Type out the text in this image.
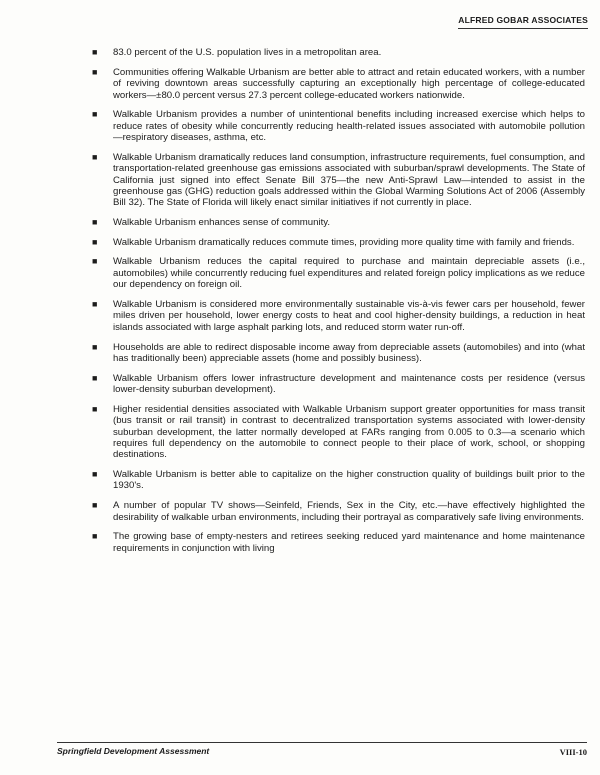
ALFRED GOBAR ASSOCIATES
■ 83.0 percent of the U.S. population lives in a metropolitan area.
■ Communities offering Walkable Urbanism are better able to attract and retain educated workers, with a number of reviving downtown areas successfully capturing an exceptionally high percentage of college-educated workers—±80.0 percent versus 27.3 percent college-educated workers nationwide.
■ Walkable Urbanism provides a number of unintentional benefits including increased exercise which helps to reduce rates of obesity while concurrently reducing health-related issues associated with automobile pollution—respiratory diseases, asthma, etc.
■ Walkable Urbanism dramatically reduces land consumption, infrastructure requirements, fuel consumption, and transportation-related greenhouse gas emissions associated with suburban/sprawl developments. The State of California just signed into effect Senate Bill 375—the new Anti-Sprawl Law—intended to assist in the greenhouse gas (GHG) reduction goals addressed within the Global Warming Solutions Act of 2006 (Assembly Bill 32). The State of Florida will likely enact similar initiatives if not currently in place.
■ Walkable Urbanism enhances sense of community.
■ Walkable Urbanism dramatically reduces commute times, providing more quality time with family and friends.
■ Walkable Urbanism reduces the capital required to purchase and maintain depreciable assets (i.e., automobiles) while concurrently reducing fuel expenditures and related foreign policy implications as we reduce our dependency on foreign oil.
■ Walkable Urbanism is considered more environmentally sustainable vis-à-vis fewer cars per household, fewer miles driven per household, lower energy costs to heat and cool higher-density buildings, a reduction in heat islands associated with large asphalt parking lots, and reduced storm water run-off.
■ Households are able to redirect disposable income away from depreciable assets (automobiles) and into (what has traditionally been) appreciable assets (home and possibly business).
■ Walkable Urbanism offers lower infrastructure development and maintenance costs per residence (versus lower-density suburban development).
■ Higher residential densities associated with Walkable Urbanism support greater opportunities for mass transit (bus transit or rail transit) in contrast to decentralized transportation systems associated with lower-density suburban development, the latter normally developed at FARs ranging from 0.005 to 0.3—a scenario which requires full dependency on the automobile to connect people to their place of work, school, or shopping destinations.
■ Walkable Urbanism is better able to capitalize on the higher construction quality of buildings built prior to the 1930's.
■ A number of popular TV shows—Seinfeld, Friends, Sex in the City, etc.—have effectively highlighted the desirability of walkable urban environments, including their portrayal as comparatively safe living environments.
■ The growing base of empty-nesters and retirees seeking reduced yard maintenance and home maintenance requirements in conjunction with living
Springfield Development Assessment	VIII-10
